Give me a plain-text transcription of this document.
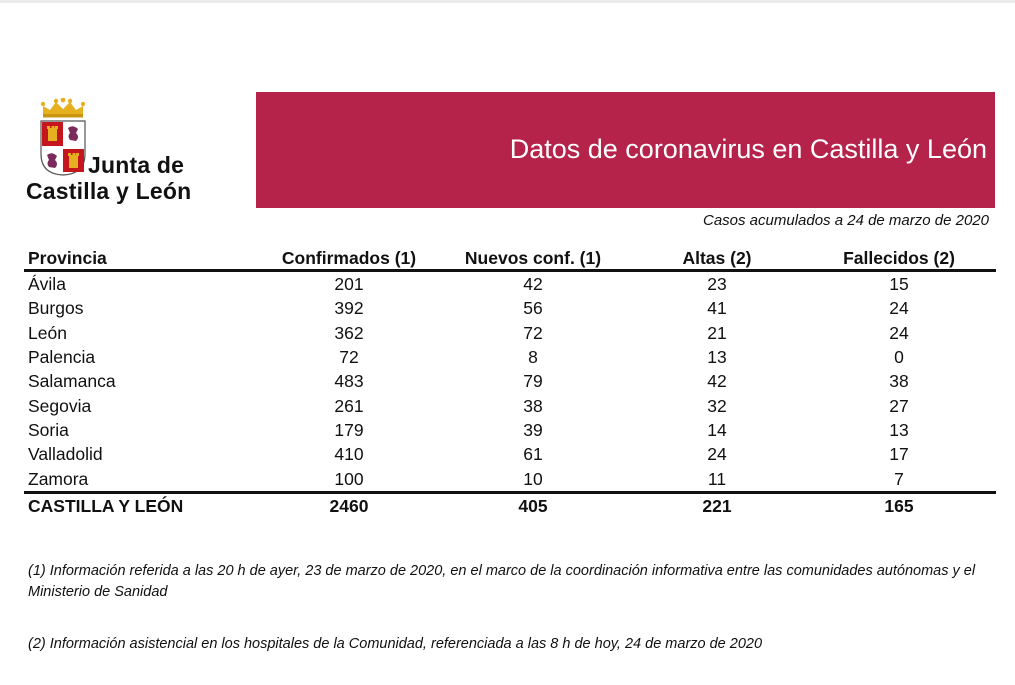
Junta de
Castilla y León
Datos de coronavirus en Castilla y León
Casos acumulados a 24 de marzo de 2020
Provincia	Confirmados (1)	Nuevos conf. (1)	Altas (2)	Fallecidos (2)
Ávila	201	42	23	15
Burgos	392	56	41	24
León	362	72	21	24
Palencia	72	8	13	0
Salamanca	483	79	42	38
Segovia	261	38	32	27
Soria	179	39	14	13
Valladolid	410	61	24	17
Zamora	100	10	11	7
CASTILLA Y LEÓN	2460	405	221	165
(1) Información referida a las 20 h de ayer, 23 de marzo de 2020, en el marco de la coordinación informativa entre las comunidades autónomas y el Ministerio de Sanidad
(2) Información asistencial en los hospitales de la Comunidad, referenciada a las 8 h de hoy, 24 de marzo de 2020
